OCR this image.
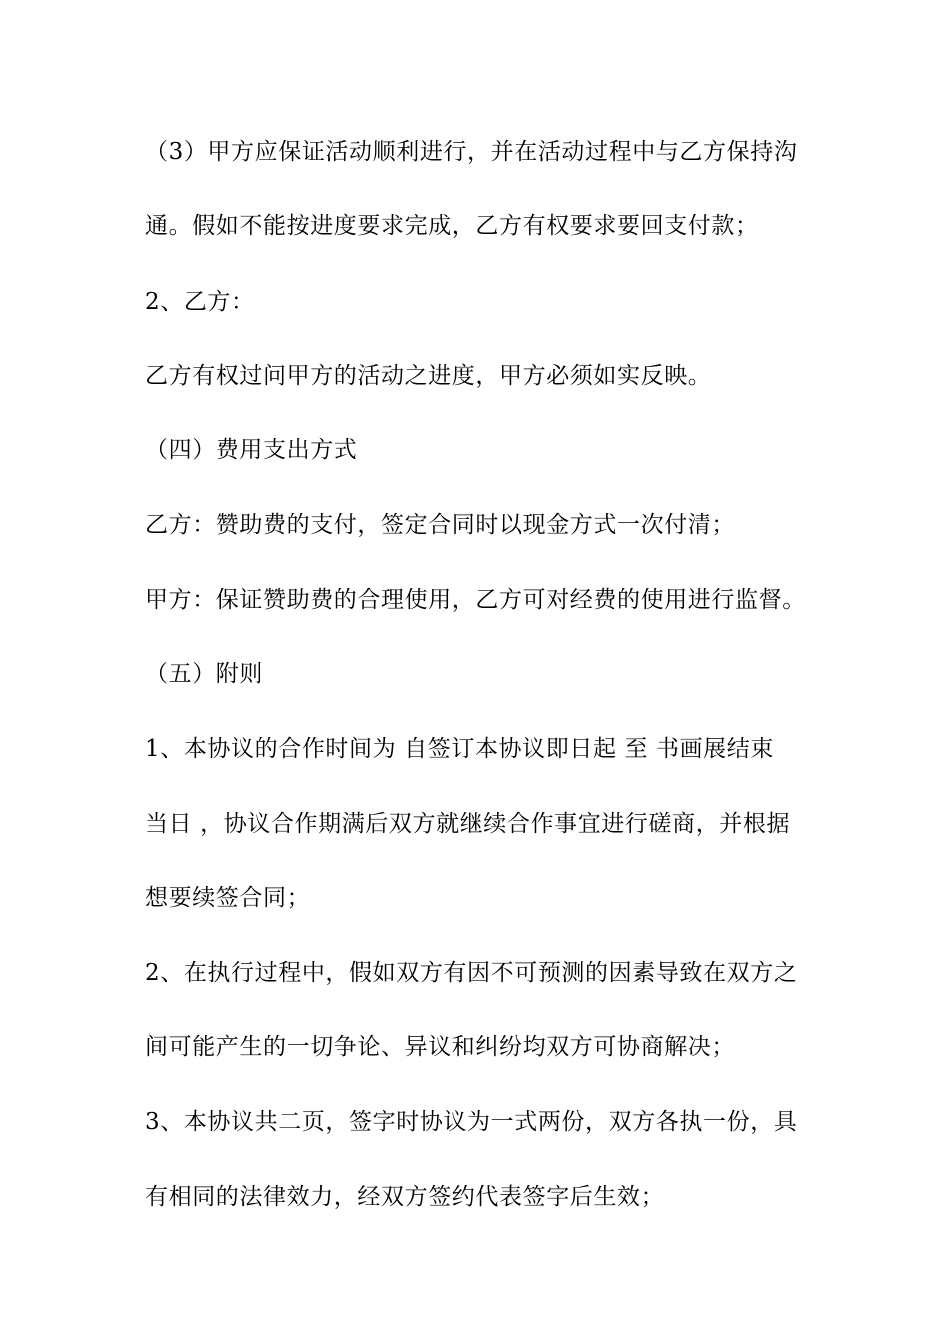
（3）甲方应保证活动顺利进行，并在活动过程中与乙方保持沟
通。假如不能按进度要求完成，乙方有权要求要回支付款；
2、乙方：
乙方有权过问甲方的活动之进度，甲方必须如实反映。
（四）费用支出方式
乙方：赞助费的支付，签定合同时以现金方式一次付清；
甲方：保证赞助费的合理使用，乙方可对经费的使用进行监督。
（五）附则
1、本协议的合作时间为 自签订本协议即日起 至 书画展结束
当日 ，协议合作期满后双方就继续合作事宜进行磋商，并根据
想要续签合同；
2、在执行过程中，假如双方有因不可预测的因素导致在双方之
间可能产生的一切争论、异议和纠纷均双方可协商解决；
3、本协议共二页，签字时协议为一式两份，双方各执一份，具
有相同的法律效力，经双方签约代表签字后生效；
